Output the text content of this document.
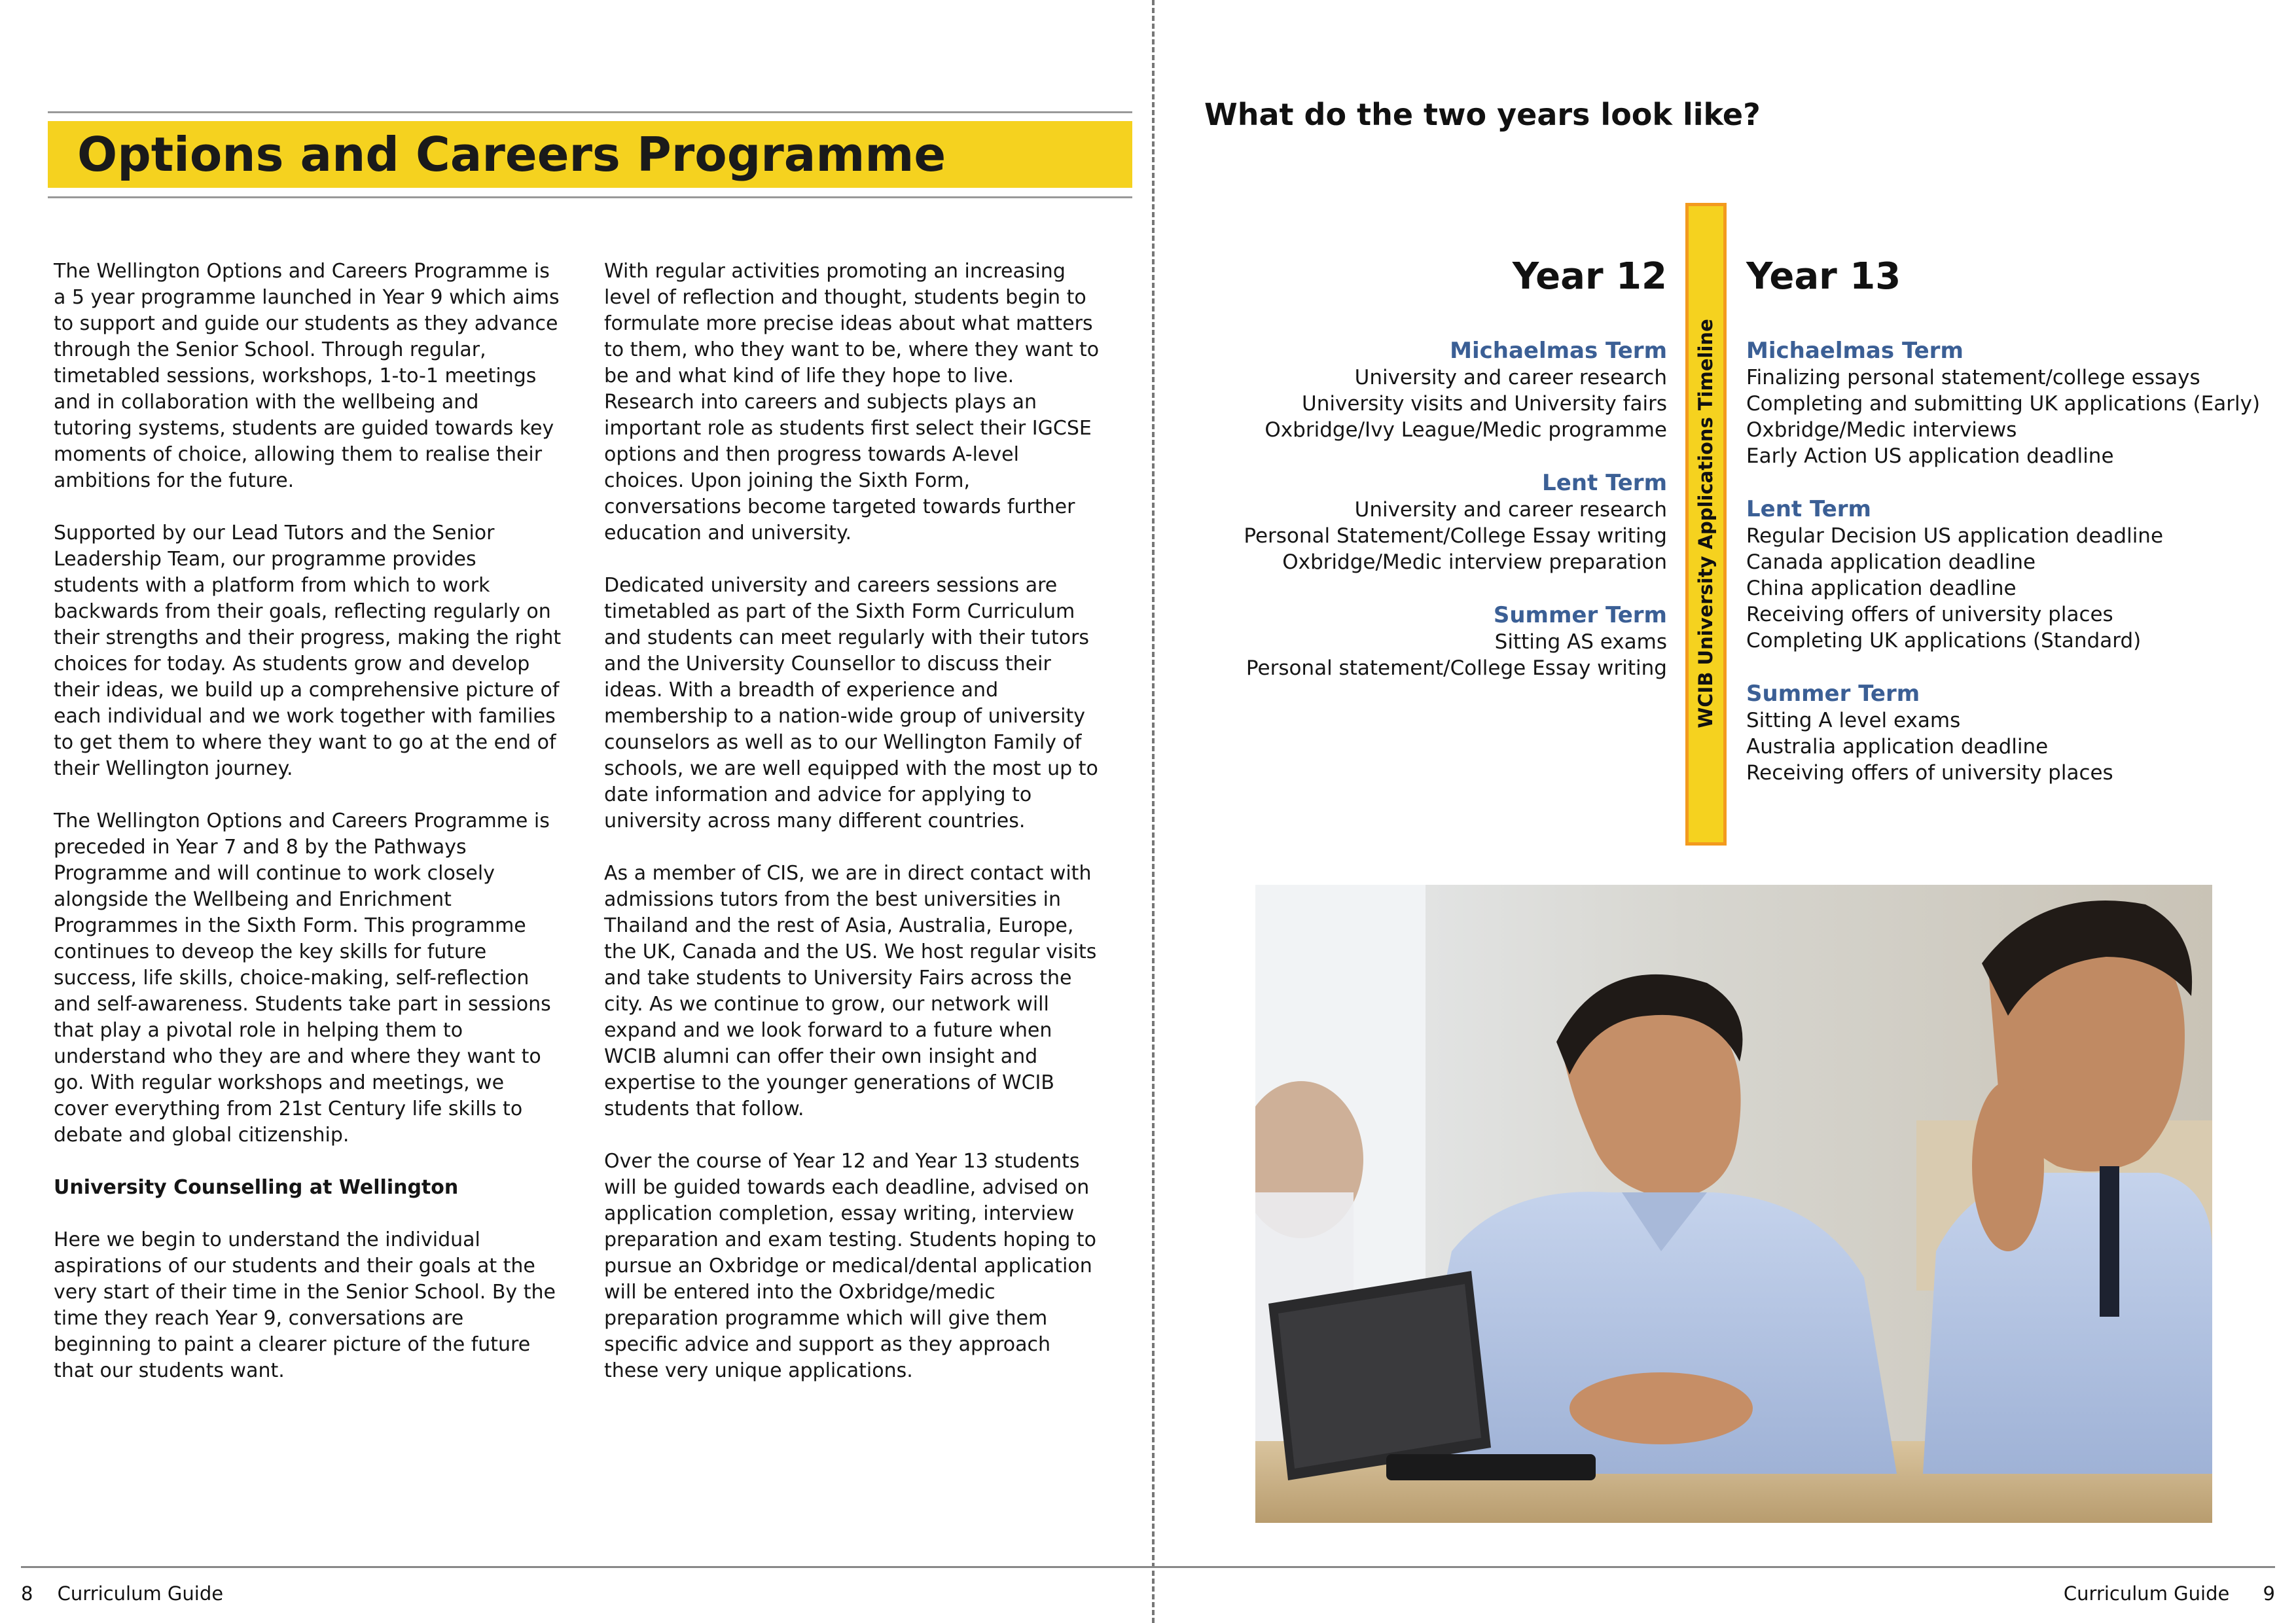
Options and Careers Programme

The Wellington Options and Careers Programme is
a 5 year programme launched in Year 9 which aims
to support and guide our students as they advance
through the Senior School. Through regular,
timetabled sessions, workshops, 1-to-1 meetings
and in collaboration with the wellbeing and
tutoring systems, students are guided towards key
moments of choice, allowing them to realise their
ambitions for the future.

Supported by our Lead Tutors and the Senior
Leadership Team, our programme provides
students with a platform from which to work
backwards from their goals, reflecting regularly on
their strengths and their progress, making the right
choices for today. As students grow and develop
their ideas, we build up a comprehensive picture of
each individual and we work together with families
to get them to where they want to go at the end of
their Wellington journey.

The Wellington Options and Careers Programme is
preceded in Year 7 and 8 by the Pathways
Programme and will continue to work closely
alongside the Wellbeing and Enrichment
Programmes in the Sixth Form. This programme
continues to deveop the key skills for future
success, life skills, choice-making, self-reflection
and self-awareness. Students take part in sessions
that play a pivotal role in helping them to
understand who they are and where they want to
go. With regular workshops and meetings, we
cover everything from 21st Century life skills to
debate and global citizenship.

University Counselling at Wellington

Here we begin to understand the individual
aspirations of our students and their goals at the
very start of their time in the Senior School. By the
time they reach Year 9, conversations are
beginning to paint a clearer picture of the future
that our students want.

With regular activities promoting an increasing
level of reflection and thought, students begin to
formulate more precise ideas about what matters
to them, who they want to be, where they want to
be and what kind of life they hope to live.
Research into careers and subjects plays an
important role as students first select their IGCSE
options and then progress towards A-level
choices. Upon joining the Sixth Form,
conversations become targeted towards further
education and university.

Dedicated university and careers sessions are
timetabled as part of the Sixth Form Curriculum
and students can meet regularly with their tutors
and the University Counsellor to discuss their
ideas. With a breadth of experience and
membership to a nation-wide group of university
counselors as well as to our Wellington Family of
schools, we are well equipped with the most up to
date information and advice for applying to
university across many different countries.

As a member of CIS, we are in direct contact with
admissions tutors from the best universities in
Thailand and the rest of Asia, Australia, Europe,
the UK, Canada and the US. We host regular visits
and take students to University Fairs across the
city. As we continue to grow, our network will
expand and we look forward to a future when
WCIB alumni can offer their own insight and
expertise to the younger generations of WCIB
students that follow.

Over the course of Year 12 and Year 13 students
will be guided towards each deadline, advised on
application completion, essay writing, interview
preparation and exam testing. Students hoping to
pursue an Oxbridge or medical/dental application
will be entered into the Oxbridge/medic
preparation programme which will give them
specific advice and support as they approach
these very unique applications.

What do the two years look like?
WCIB University Applications Timeline
Year 12
Michaelmas Term
University and career research
University visits and University fairs
Oxbridge/Ivy League/Medic programme
Lent Term
University and career research
Personal Statement/College Essay writing
Oxbridge/Medic interview preparation
Summer Term
Sitting AS exams
Personal statement/College Essay writing
Year 13
Michaelmas Term
Finalizing personal statement/college essays
Completing and submitting UK applications (Early)
Oxbridge/Medic interviews
Early Action US application deadline
Lent Term
Regular Decision US application deadline
Canada application deadline
China application deadline
Receiving offers of university places
Completing UK applications (Standard)
Summer Term
Sitting A level exams
Australia application deadline
Receiving offers of university places
8 Curriculum Guide	Curriculum Guide 9
